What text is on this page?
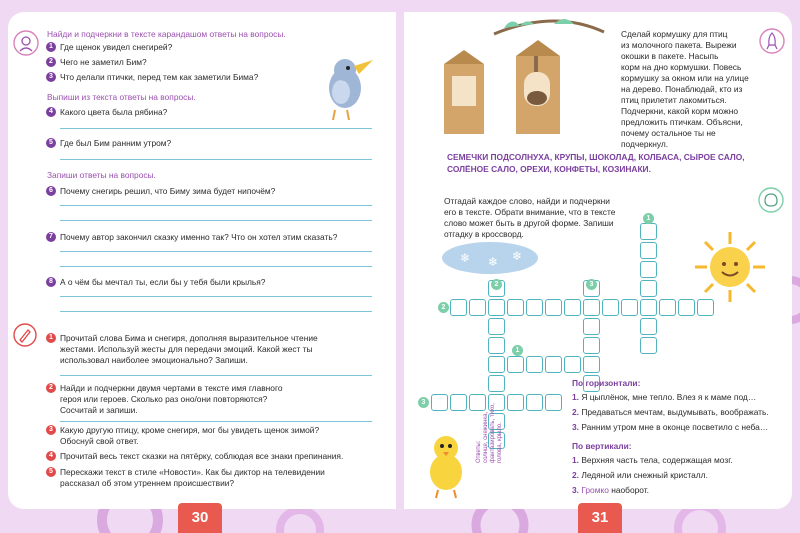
Найди и подчеркни в тексте карандашом ответы на вопросы.
1 Где щенок увидел снегирей?
2 Чего не заметил Бим?
3 Что делали птички, перед тем как заметили Бима?
Выпиши из текста ответы на вопросы.
4 Какого цвета была рябина?
5 Где был Бим ранним утром?
Запиши ответы на вопросы.
6 Почему снегирь решил, что Биму зима будет нипочём?
7 Почему автор закончил сказку именно так? Что он хотел этим сказать?
8 А о чём бы мечтал ты, если бы у тебя были крылья?
1 Прочитай слова Бима и снегиря, дополняя выразительное чтение
жестами. Используй жесты для передачи эмоций. Какой жест ты
использовал наиболее эмоционально? Запиши.
2 Найди и подчеркни двумя чертами в тексте имя главного
героя или героев. Сколько раз оно/они повторяются?
Сосчитай и запиши.
3 Какую другую птицу, кроме снегиря, мог бы увидеть щенок зимой?
Обоснуй свой ответ.
4 Прочитай весь текст сказки на пятёрку, соблюдая все знаки препинания.
5 Перескажи текст в стиле «Новости». Как бы диктор на телевидении
рассказал об этом утреннем происшествии?
30
Сделай кормушку для птиц
из молочного пакета. Вырежи
окошки в пакете. Насыпь
корм на дно кормушки. Повесь
кормушку за окном или на улице
на дерево. Понаблюдай, кто из
птиц прилетит лакомиться.
Подчеркни, какой корм можно
предложить птичкам. Объясни,
почему остальное ты не
подчеркнул.
СЕМЕЧКИ ПОДСОЛНУХА, КРУПЫ, ШОКОЛАД, КОЛБАСА, СЫРОЕ САЛО,
СОЛЁНОЕ САЛО, ОРЕХИ, КОНФЕТЫ, КОЗИНАКИ.
Отгадай каждое слово, найди и подчеркни
его в тексте. Обрати внимание, что в тексте
слово может быть в другой форме. Запиши
отгадку в кроссворд.
❄ ❄ ❄
1
2	3
1
2
3
Ответы: солнце, снежинка, фантазировать, тихо, голова, крыло.
По горизонтали:
1. Я цыплёнок, мне тепло. Влез я к маме под…
2. Предаваться мечтам, выдумывать, воображать.
3. Ранним утром мне в оконце посветило с неба…
По вертикали:
1. Верхняя часть тела, содержащая мозг.
2. Ледяной или снежный кристалл.
3. Громко наоборот.
31
